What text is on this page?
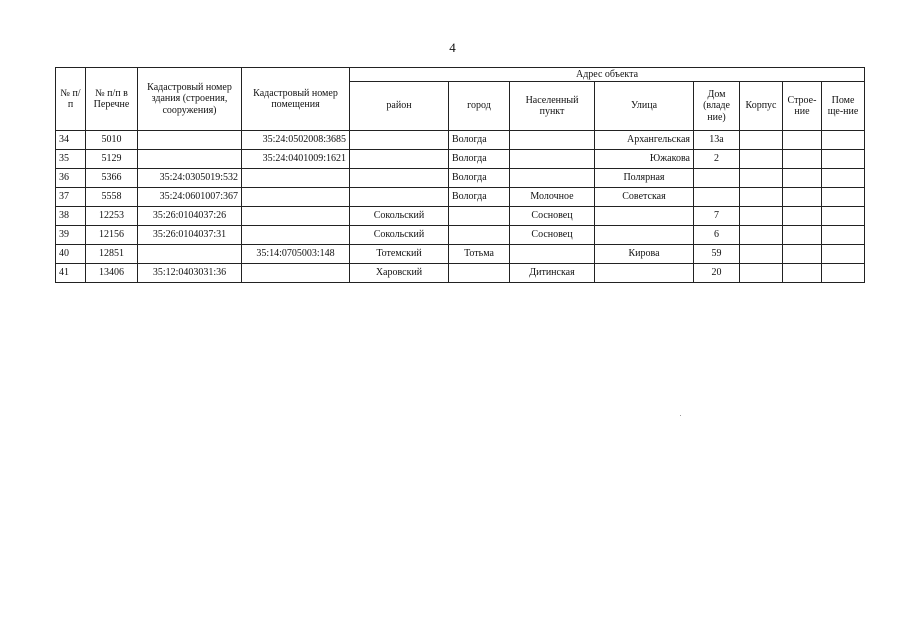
4
№ п/п	№ п/п в Перечне	Кадастровый номер здания (строения, сооружения)	Кадастровый номер помещения	Адрес объекта							
				район	город	Населенный пункт	Улица	Дом (владе ние)	Корпус	Строе-ние	Поме ще-ние
34	5010		35:24:0502008:3685		Вологда		Архангельская	13а			
35	5129		35:24:0401009:1621		Вологда		Южакова	2			
36	5366	35:24:0305019:532			Вологда		Полярная				
37	5558	35:24:0601007:367			Вологда	Молочное	Советская				
38	12253	35:26:0104037:26		Сокольский		Сосновец		7			
39	12156	35:26:0104037:31		Сокольский		Сосновец		6			
40	12851		35:14:0705003:148	Тотемский	Тотьма		Кирова	59			
41	13406	35:12:0403031:36		Харовский		Дитинская		20			
